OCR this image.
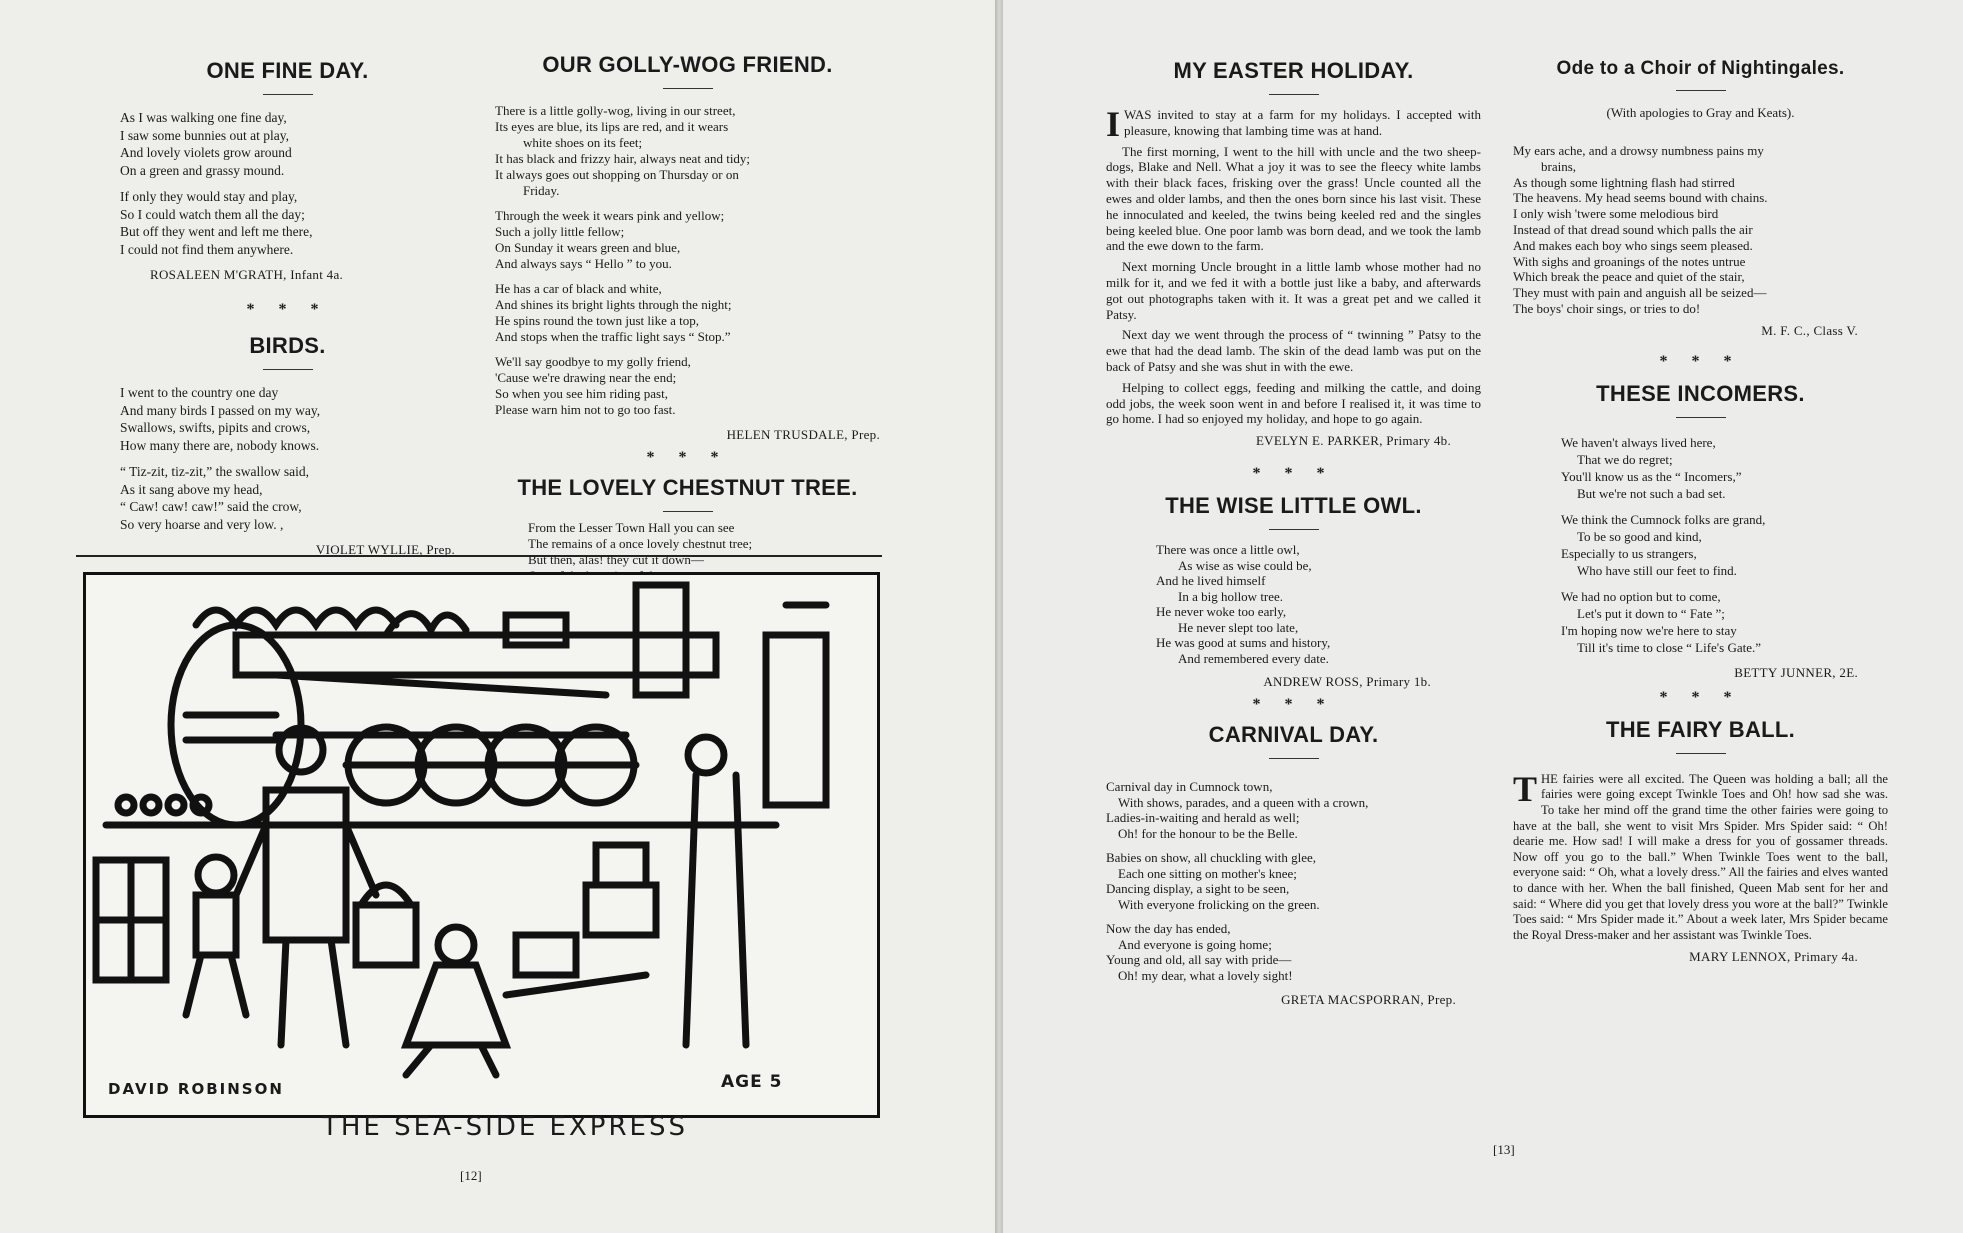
ONE FINE DAY.
As I was walking one fine day,
I saw some bunnies out at play,
And lovely violets grow around
On a green and grassy mound.
If only they would stay and play,
So I could watch them all the day;
But off they went and left me there,
I could not find them anywhere.

ROSALEEN M'GRATH, Infant 4a.

* * *
BIRDS.
I went to the country one day
And many birds I passed on my way,
Swallows, swifts, pipits and crows,
How many there are, nobody knows.
“ Tiz-zit, tiz-zit,” the swallow said,
As it sang above my head,
“ Caw! caw! caw!” said the crow,
So very hoarse and very low. ,

VIOLET WYLLIE, Prep.

OUR GOLLY-WOG FRIEND.
There is a little golly-wog, living in our street,
Its eyes are blue, its lips are red, and it wears
white shoes on its feet;
It has black and frizzy hair, always neat and tidy;
It always goes out shopping on Thursday or on
Friday.
Through the week it wears pink and yellow;
Such a jolly little fellow;
On Sunday it wears green and blue,
And always says “ Hello ” to you.
He has a car of black and white,
And shines its bright lights through the night;
He spins round the town just like a top,
And stops when the traffic light says “ Stop.”
We'll say goodbye to my golly friend,
'Cause we're drawing near the end;
So when you see him riding past,
Please warn him not to go too fast.

HELEN TRUSDALE, Prep.

* * *
THE LOVELY CHESTNUT TREE.
From the Lesser Town Hall you can see
The remains of a once lovely chestnut tree;
But then, alas! they cut it down—

DAVID ROBINSON	AGE 5
THE SEA-SIDE EXPRESS
[12]
MY EASTER HOLIDAY.

IWAS invited to stay at a farm for my holidays. I accepted with pleasure, knowing that lambing time was at hand.

The first morning, I went to the hill with uncle and the two sheep-dogs, Blake and Nell. What a joy it was to see the fleecy white lambs with their black faces, frisking over the grass! Uncle counted all the ewes and older lambs, and then the ones born since his last visit. These he innoculated and keeled, the twins being keeled red and the singles being keeled blue. One poor lamb was born dead, and we took the lamb and the ewe down to the farm.

Next morning Uncle brought in a little lamb whose mother had no milk for it, and we fed it with a bottle just like a baby, and afterwards got out photographs taken with it. It was a great pet and we called it Patsy.

Next day we went through the process of “ twinning ” Patsy to the ewe that had the dead lamb. The skin of the dead lamb was put on the back of Patsy and she was shut in with the ewe.

Helping to collect eggs, feeding and milking the cattle, and doing odd jobs, the week soon went in and before I realised it, it was time to go home. I had so enjoyed my holiday, and hope to go again.

EVELYN E. PARKER, Primary 4b.

* * *
THE WISE LITTLE OWL.
There was once a little owl,
As wise as wise could be,
And he lived himself
In a big hollow tree.
He never woke too early,
He never slept too late,
He was good at sums and history,
And remembered every date.

ANDREW ROSS, Primary 1b.

* * *
CARNIVAL DAY.
Carnival day in Cumnock town,
With shows, parades, and a queen with a crown,
Ladies-in-waiting and herald as well;
Oh! for the honour to be the Belle.
Babies on show, all chuckling with glee,
Each one sitting on mother's knee;
Dancing display, a sight to be seen,
With everyone frolicking on the green.
Now the day has ended,
And everyone is going home;
Young and old, all say with pride—
Oh! my dear, what a lovely sight!

GRETA MACSPORRAN, Prep.

Ode to a Choir of Nightingales.

(With apologies to Gray and Keats).

My ears ache, and a drowsy numbness pains my
brains,
As though some lightning flash had stirred
The heavens. My head seems bound with chains.
I only wish 'twere some melodious bird
Instead of that dread sound which palls the air
And makes each boy who sings seem pleased.
With sighs and groanings of the notes untrue
Which break the peace and quiet of the stair,
They must with pain and anguish all be seized—
The boys' choir sings, or tries to do!

M. F. C., Class V.

* * *
THESE INCOMERS.
We haven't always lived here,
That we do regret;
You'll know us as the “ Incomers,”
But we're not such a bad set.
We think the Cumnock folks are grand,
To be so good and kind,
Especially to us strangers,
Who have still our feet to find.
We had no option but to come,
Let's put it down to “ Fate ”;
I'm hoping now we're here to stay
Till it's time to close “ Life's Gate.”

BETTY JUNNER, 2E.

* * *
THE FAIRY BALL.

THE fairies were all excited. The Queen was holding a ball; all the fairies were going except Twinkle Toes and Oh! how sad she was. To take her mind off the grand time the other fairies were going to have at the ball, she went to visit Mrs Spider. Mrs Spider said: “ Oh! dearie me. How sad! I will make a dress for you of gossamer threads. Now off you go to the ball.” When Twinkle Toes went to the ball, everyone said: “ Oh, what a lovely dress.” All the fairies and elves wanted to dance with her. When the ball finished, Queen Mab sent for her and said: “ Where did you get that lovely dress you wore at the ball?” Twinkle Toes said: “ Mrs Spider made it.” About a week later, Mrs Spider became the Royal Dress-maker and her assistant was Twinkle Toes.

MARY LENNOX, Primary 4a.

[13]
